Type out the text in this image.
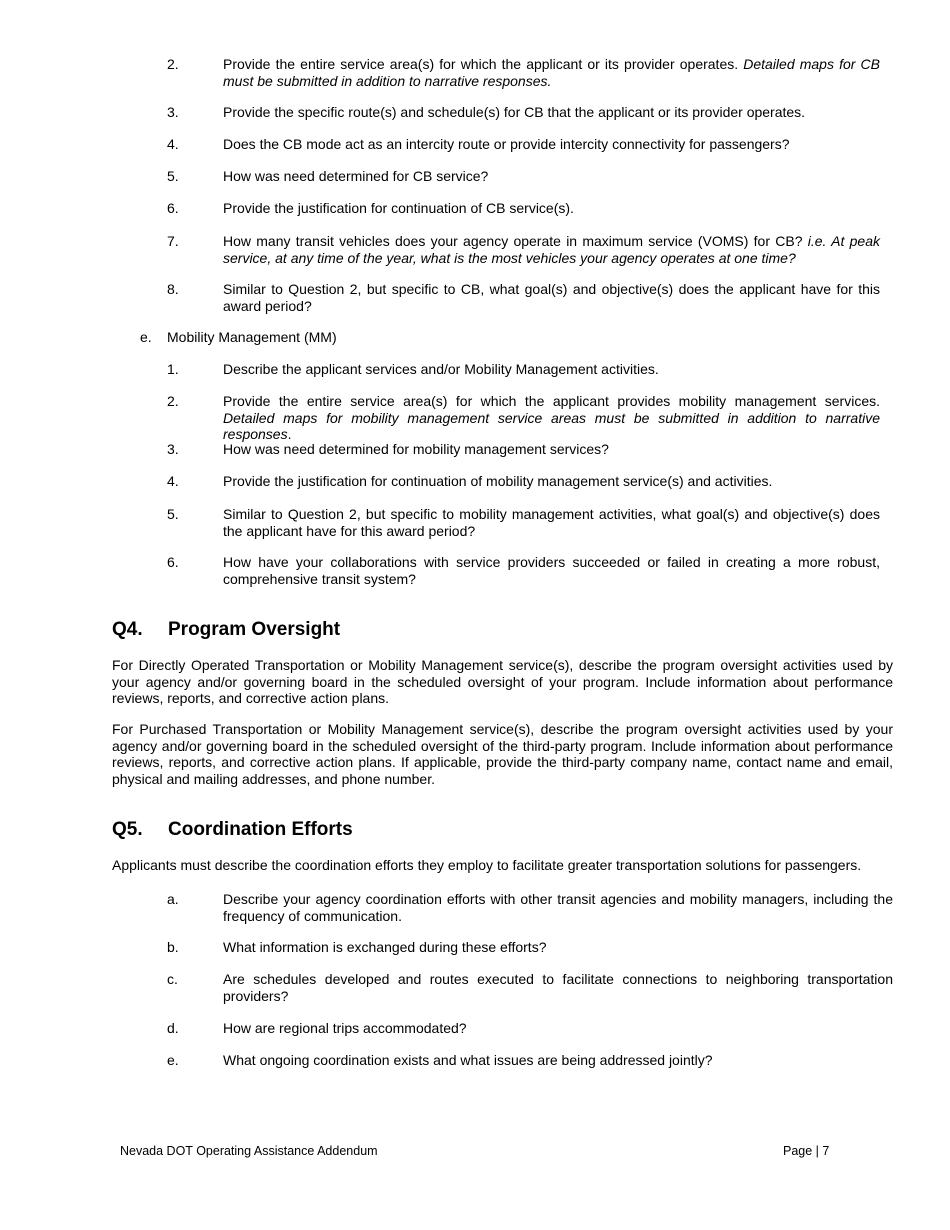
2.	Provide the entire service area(s) for which the applicant or its provider operates. Detailed maps for CB must be submitted in addition to narrative responses.
3.	Provide the specific route(s) and schedule(s) for CB that the applicant or its provider operates.
4.	Does the CB mode act as an intercity route or provide intercity connectivity for passengers?
5.	How was need determined for CB service?
6.	Provide the justification for continuation of CB service(s).
7.	How many transit vehicles does your agency operate in maximum service (VOMS) for CB? i.e. At peak service, at any time of the year, what is the most vehicles your agency operates at one time?
8.	Similar to Question 2, but specific to CB, what goal(s) and objective(s) does the applicant have for this award period?
e. Mobility Management (MM)
1.	Describe the applicant services and/or Mobility Management activities.
2.	Provide the entire service area(s) for which the applicant provides mobility management services. Detailed maps for mobility management service areas must be submitted in addition to narrative responses.
3.	How was need determined for mobility management services?
4.	Provide the justification for continuation of mobility management service(s) and activities.
5.	Similar to Question 2, but specific to mobility management activities, what goal(s) and objective(s) does the applicant have for this award period?
6.	How have your collaborations with service providers succeeded or failed in creating a more robust, comprehensive transit system?
Q4. Program Oversight
For Directly Operated Transportation or Mobility Management service(s), describe the program oversight activities used by your agency and/or governing board in the scheduled oversight of your program. Include information about performance reviews, reports, and corrective action plans.
For Purchased Transportation or Mobility Management service(s), describe the program oversight activities used by your agency and/or governing board in the scheduled oversight of the third-party program. Include information about performance reviews, reports, and corrective action plans. If applicable, provide the third-party company name, contact name and email, physical and mailing addresses, and phone number.
Q5. Coordination Efforts
Applicants must describe the coordination efforts they employ to facilitate greater transportation solutions for passengers.
a.	Describe your agency coordination efforts with other transit agencies and mobility managers, including the frequency of communication.
b.	What information is exchanged during these efforts?
c.	Are schedules developed and routes executed to facilitate connections to neighboring transportation providers?
d.	How are regional trips accommodated?
e.	What ongoing coordination exists and what issues are being addressed jointly?
Nevada DOT Operating Assistance Addendum	Page | 7
